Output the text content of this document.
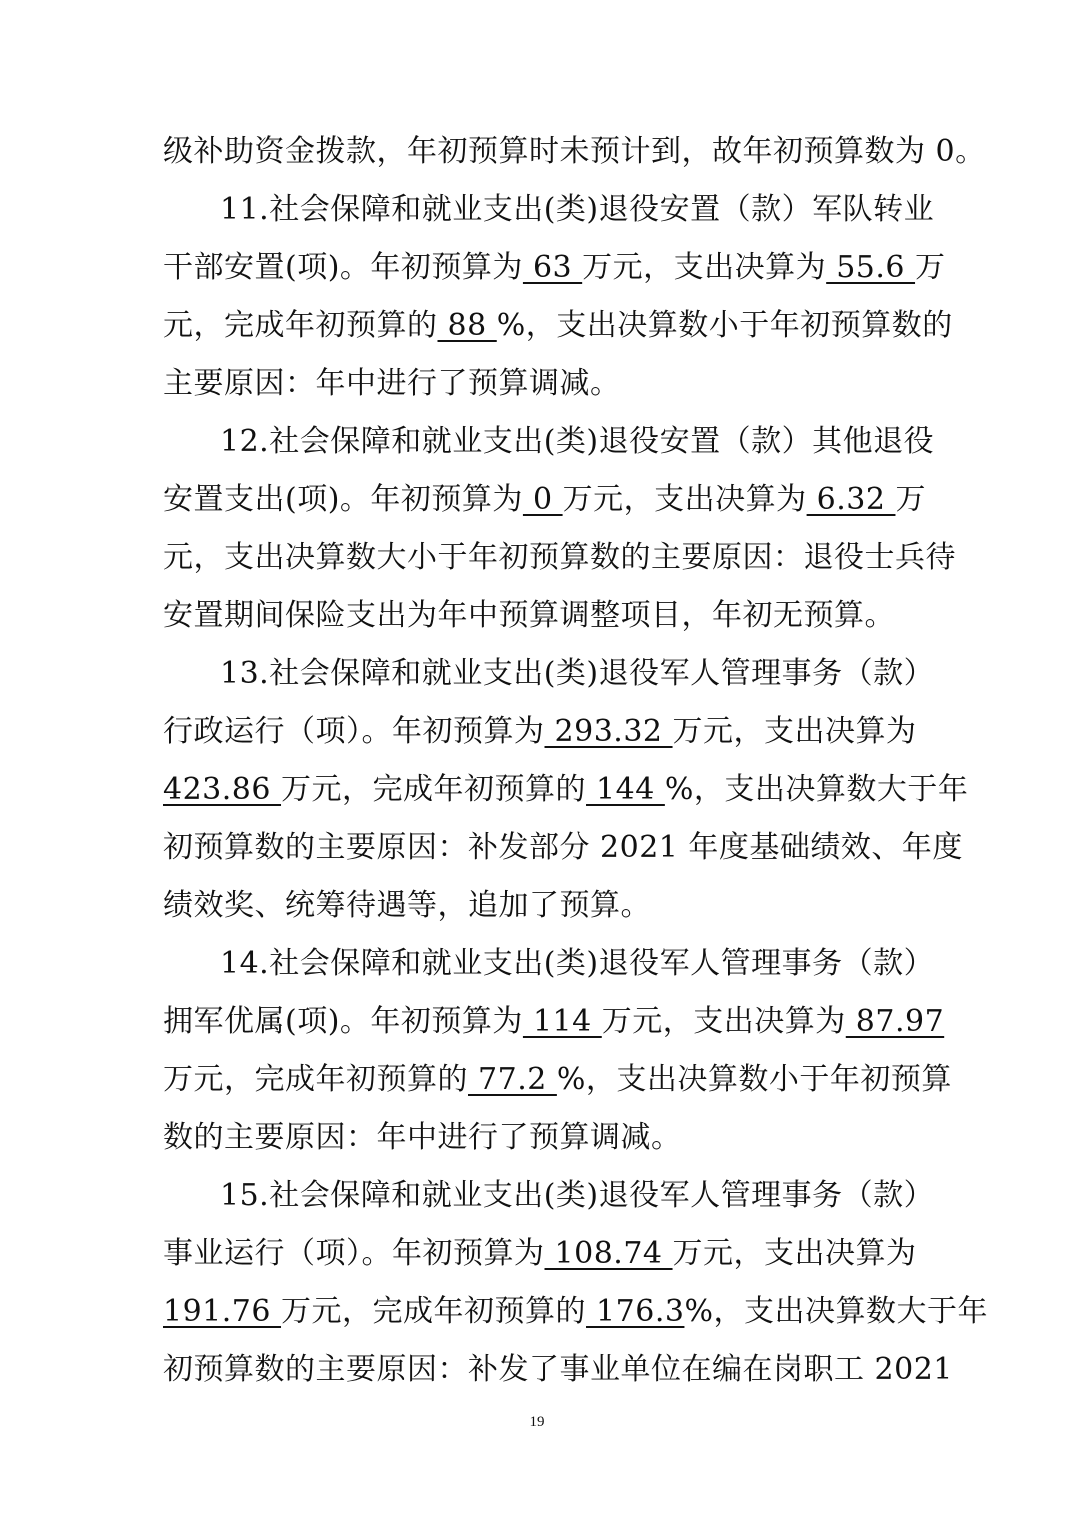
级补助资金拨款，年初预算时未预计到，故年初预算数为 0。
11.社会保障和就业支出(类)退役安置（款）军队转业
干部安置(项)。年初预算为 63 万元，支出决算为 55.6 万
元，完成年初预算的 88 %，支出决算数小于年初预算数的
主要原因：年中进行了预算调减。
12.社会保障和就业支出(类)退役安置（款）其他退役
安置支出(项)。年初预算为 0 万元，支出决算为 6.32 万
元，支出决算数大小于年初预算数的主要原因：退役士兵待
安置期间保险支出为年中预算调整项目，年初无预算。
13.社会保障和就业支出(类)退役军人管理事务（款）
行政运行（项）。年初预算为 293.32 万元，支出决算为
423.86 万元，完成年初预算的 144 %，支出决算数大于年
初预算数的主要原因：补发部分 2021 年度基础绩效、年度
绩效奖、统筹待遇等，追加了预算。
14.社会保障和就业支出(类)退役军人管理事务（款）
拥军优属(项)。年初预算为 114 万元，支出决算为 87.97
万元，完成年初预算的 77.2 %，支出决算数小于年初预算
数的主要原因：年中进行了预算调减。
15.社会保障和就业支出(类)退役军人管理事务（款）
事业运行（项）。年初预算为 108.74 万元，支出决算为
191.76 万元，完成年初预算的 176.3%，支出决算数大于年
初预算数的主要原因：补发了事业单位在编在岗职工 2021
19
